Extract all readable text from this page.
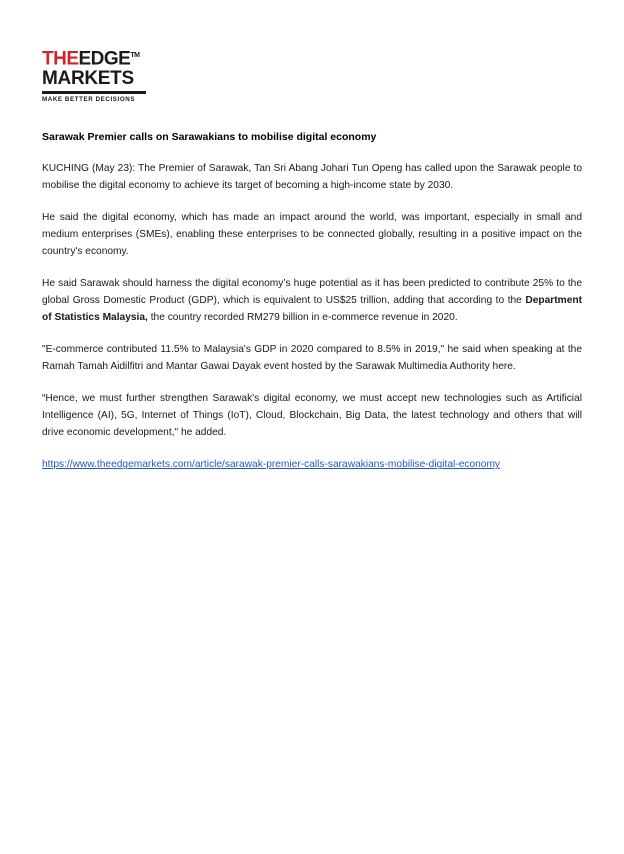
THEEDGE™
MARKETS
MAKE BETTER DECISIONS
Sarawak Premier calls on Sarawakians to mobilise digital economy

KUCHING (May 23): The Premier of Sarawak, Tan Sri Abang Johari Tun Openg has called upon the Sarawak people to mobilise the digital economy to achieve its target of becoming a high-income state by 2030.

He said the digital economy, which has made an impact around the world, was important, especially in small and medium enterprises (SMEs), enabling these enterprises to be connected globally, resulting in a positive impact on the country's economy.

He said Sarawak should harness the digital economy’s huge potential as it has been predicted to contribute 25% to the global Gross Domestic Product (GDP), which is equivalent to US$25 trillion, adding that according to the Department of Statistics Malaysia, the country recorded RM279 billion in e-commerce revenue in 2020.

"E-commerce contributed 11.5% to Malaysia's GDP in 2020 compared to 8.5% in 2019," he said when speaking at the Ramah Tamah Aidilfitri and Mantar Gawai Dayak event hosted by the Sarawak Multimedia Authority here.

“Hence, we must further strengthen Sarawak's digital economy, we must accept new technologies such as Artificial Intelligence (AI), 5G, Internet of Things (IoT), Cloud, Blockchain, Big Data, the latest technology and others that will drive economic development," he added.

https://www.theedgemarkets.com/article/sarawak-premier-calls-sarawakians-mobilise-digital-economy
